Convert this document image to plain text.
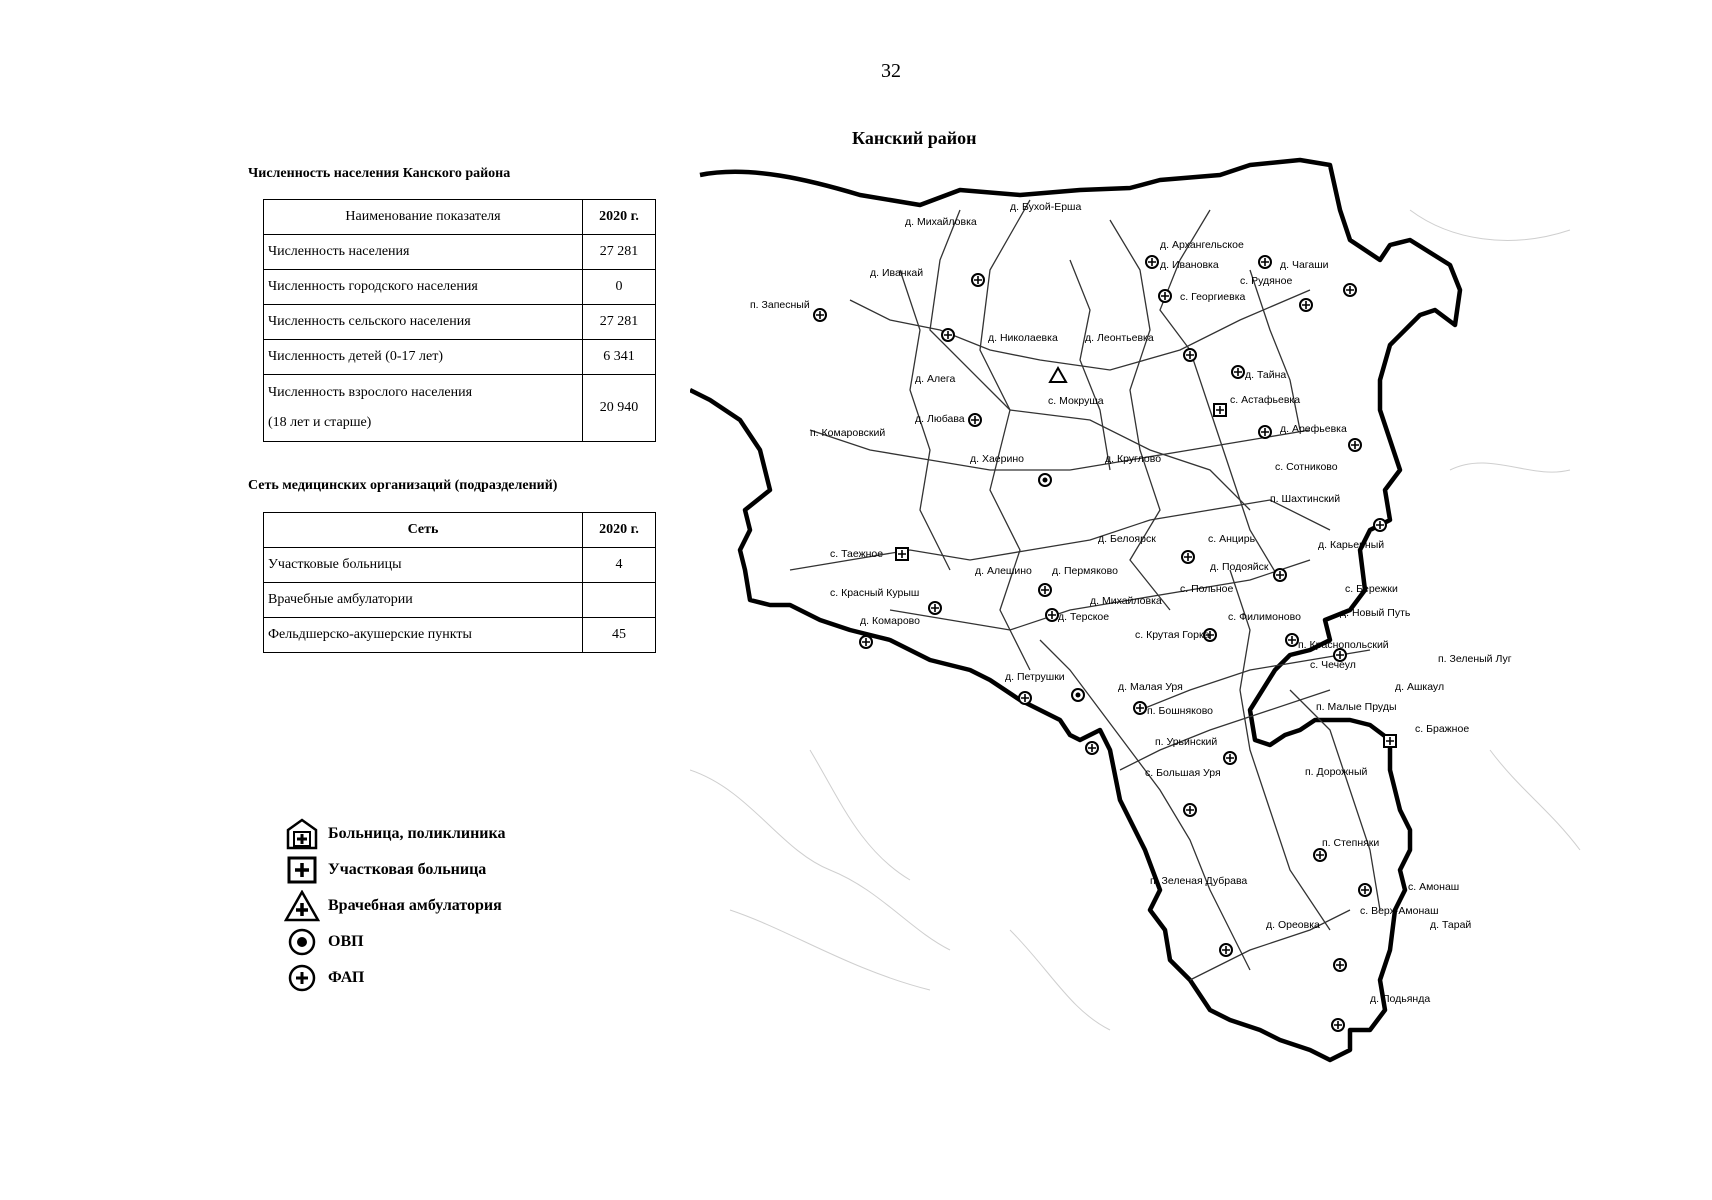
32
Численность населения Канского района
Наименование показателя	2020 г.
Численность населения	27 281
Численность городского населения	0
Численность сельского населения	27 281
Численность детей (0-17 лет)	6 341

Численность взрослого населения
(18 лет и старше)	20 940
Сеть медицинских организаций (подразделений)
Сеть	2020 г.
Участковые больницы	4
Врачебные амбулатории	
Фельдшерско-акушерские пункты	45
Больница, поликлиника
Участковая больница
Врачебная амбулатория
ОВП
ФАП
Канский район
д. Михайловка
д. Бухой-Ерша
д. Иванкай
п. Запесный
д. Архангельское
д. Ивановка	д. Чагаши
с. Рудяное
с. Георгиевка
д. Николаевка	д. Леонтьевка
д. Алега
с. Мокруша
д. Тайна
с. Астафьевка
д. Любава
п. Комаровский	д. Арефьевка
д. Хаерино	д. Круглово
с. Сотниково
п. Шахтинский
д. Белоярск	с. Анцирь	д. Карьерный
с. Таежное
д. Алешино д. Пермяково	д. Подояйск
с. Красный Курыш	с. Польное	с. Бережки
д. Михайловка
д. Новый Путь
д. Комарово	д. Терское	с. Филимоново
с. Крутая Горка
п. Краснопольский
д. Петрушки
с. Чечеул	п. Зеленый Луг
д. Малая Уря	д. Ашкаул
п. Бошняково	п. Малые Пруды
п. Урьинский
с. Бражное
с. Большая Уря	п. Дорожный
п. Степняки
п. Зеленая Дубрава	с. Амонаш
д. Ореовка
с. Верх-Амонаш
д. Тарай
д. Подьянда
